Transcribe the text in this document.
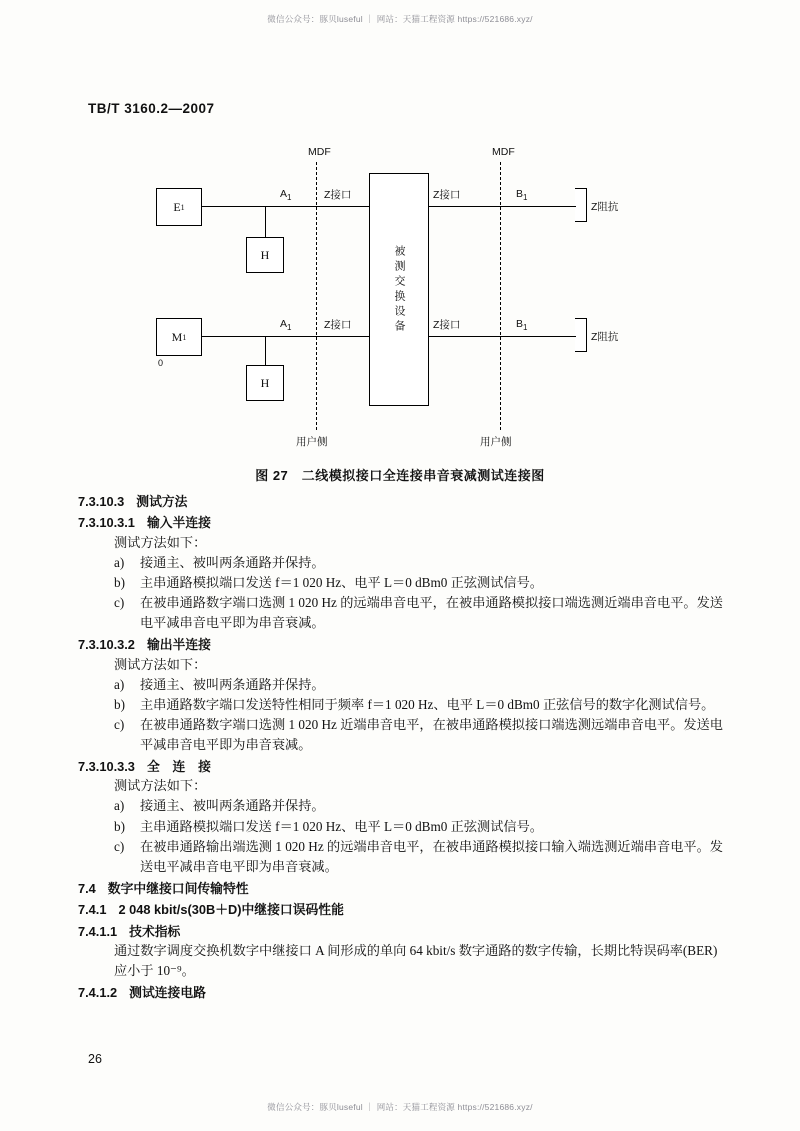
微信公众号：豚贝luseful ｜ 网站：天猫工程资源 https://521686.xyz/
TB/T 3160.2—2007
MDF	MDF
E 1
M 1
0
H
H
被测交换设备
Z阻抗
Z阻抗
$A_1$
$A_1$
$B_1$
$B_1$
Z接口	Z接口
Z接口	Z接口
用户侧	用户侧
图 27　二线模拟接口全连接串音衰减测试连接图
7.3.10.3 测试方法
7.3.10.3.1 输入半连接
测试方法如下：
a)	接通主、被叫两条通路并保持。
b)	主串通路模拟端口发送 f＝1 020 Hz、电平 L＝0 dBm0 正弦测试信号。
c)	在被串通路数字端口选测 1 020 Hz 的远端串音电平，在被串通路模拟接口端选测近端串音电平。发送电平减串音电平即为串音衰减。
7.3.10.3.2 输出半连接
测试方法如下：
a)	接通主、被叫两条通路并保持。
b)	主串通路数字端口发送特性相同于频率 f＝1 020 Hz、电平 L＝0 dBm0 正弦信号的数字化测试信号。
c)	在被串通路数字端口选测 1 020 Hz 近端串音电平，在被串通路模拟接口端选测远端串音电平。发送电平减串音电平即为串音衰减。
7.3.10.3.3 全　连　接
测试方法如下：
a)	接通主、被叫两条通路并保持。
b)	主串通路模拟端口发送 f＝1 020 Hz、电平 L＝0 dBm0 正弦测试信号。
c)	在被串通路输出端选测 1 020 Hz 的远端串音电平，在被串通路模拟接口输入端选测近端串音电平。发送电平减串音电平即为串音衰减。
7.4 数字中继接口间传输特性
7.4.1 2 048 kbit/s(30B＋D)中继接口误码性能
7.4.1.1 技术指标
通过数字调度交换机数字中继接口 A 间形成的单向 64 kbit/s 数字通路的数字传输，长期比特误码率(BER)应小于 10⁻⁹。
7.4.1.2 测试连接电路
26
微信公众号：豚贝luseful ｜ 网站：天猫工程资源 https://521686.xyz/
